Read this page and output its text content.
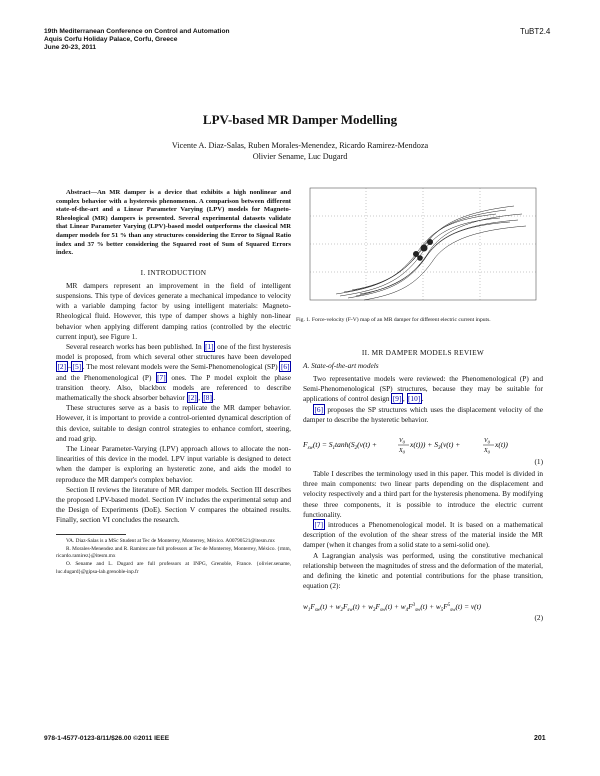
19th Mediterranean Conference on Control and Automation
Aquis Corfu Holiday Palace, Corfu, Greece
June 20-23, 2011
TuBT2.4
LPV-based MR Damper Modelling
Vicente A. Diaz-Salas, Ruben Morales-Menendez, Ricardo Ramirez-Mendoza
Olivier Sename, Luc Dugard

Abstract—An MR damper is a device that exhibits a high nonlinear and complex behavior with a hysteresis phenomenon. A comparison between different state-of-the-art and a Linear Parameter Varying (LPV) models for Magneto-Rheological (MR) dampers is presented. Several experimental datasets validate that Linear Parameter Varying (LPV)-based model outperforms the classical MR damper models for 51 % than any structures considering the Error to Signal Ratio index and 37 % better considering the Squared root of Sum of Squared Errors index.

I. INTRODUCTION

MR dampers represent an improvement in the field of intelligent suspensions. This type of devices generate a mechanical impedance to velocity with a variable damping factor by using intelligent materials: Magneto-Rheological fluid. However, this type of damper shows a highly non-linear behavior when applying different damping ratios (controlled by the electric current input), see Figure 1.

Several research works has been published. In [1] one of the first hysteresis model is proposed, from which several other structures have been developed [2] – [5] . The most relevant models were the Semi-Phenomenological (SP) [6] and the Phenomenological (P) [7] ones. The P model exploit the phase transition theory. Also, blackbox models are referenced to describe mathematically the shock absorber behavior [2] , [8] .

These structures serve as a basis to replicate the MR damper behavior. However, it is important to provide a control-oriented dynamical description of this device, suitable to design control strategies to enhance comfort, steering, and road grip.

The Linear Parameter-Varying (LPV) approach allows to allocate the non-linearities of this device in the model. LPV input variable is designed to detect when the damper is exploring an hysteretic zone, and aids the model to reproduce the MR damper's complex behavior.

Section II reviews the literature of MR damper models. Section III describes the proposed LPV-based model. Section IV includes the experimental setup and the Design of Experiments (DoE). Section V compares the obtained results. Finally, section VI concludes the research.

VA. Diaz-Salas is a MSc Student at Tec de Monterrey, Monterrey, México. A00790521@itesm.mx

R. Morales-Menendez and R. Ramirez are full professors at Tec de Monterrey, Monterrey, México. {rmm, ricardo.ramirez}@itesm.mx

O. Sename and L. Dugard are full professors at INPG, Grenoble, France. {olivier.sename, luc.dugard}@gipsa-lab.grenoble-inp.fr

Fig. 1. Force-velocity (F-V) map of an MR damper for different electric current inputs.
II. MR DAMPER MODELS REVIEW
A. State-of-the-art models

Two representative models were reviewed: the Phenomenological (P) and Semi-Phenomenological (SP) structures, because they may be suitable for applications of control design [9] , [10] .

[6] proposes the SP structures which uses the displacement velocity of the damper to describe the hysteretic behavior.

$F_{sw}(t) = S_1\tanh(S_2(v(t)$ +	$V_0$
$X_0$
$x(t))) + S_3(v(t)$ +	$V_0$
$X_0$
x(t))
(1)

Table I describes the terminology used in this paper. This model is divided in three main components: two linear parts depending on the displacement and velocity respectively and a third part for the hysteresis phenomena. By modifying these three components, it is possible to introduce the electric current functionality.

[7] introduces a Phenomenological model. It is based on a mathematical description of the evolution of the shear stress of the material inside the MR damper (when it changes from a solid state to a semi-solid one).

A Lagrangian analysis was performed, using the constitutive mechanical relationship between the magnitudes of stress and the deformation of the material, and defining the kinetic and potential contributions for the phase transition, equation (2):

$w_1F_{sw}(t) + w_2F_{sw}(t) + w_3F_{sw}(t) + w_4F^3_{sw}(t) + w_5F^5_{sw}(t) = v(t)$
(2)
978-1-4577-0123-8/11/$26.00 ©2011 IEEE	201
